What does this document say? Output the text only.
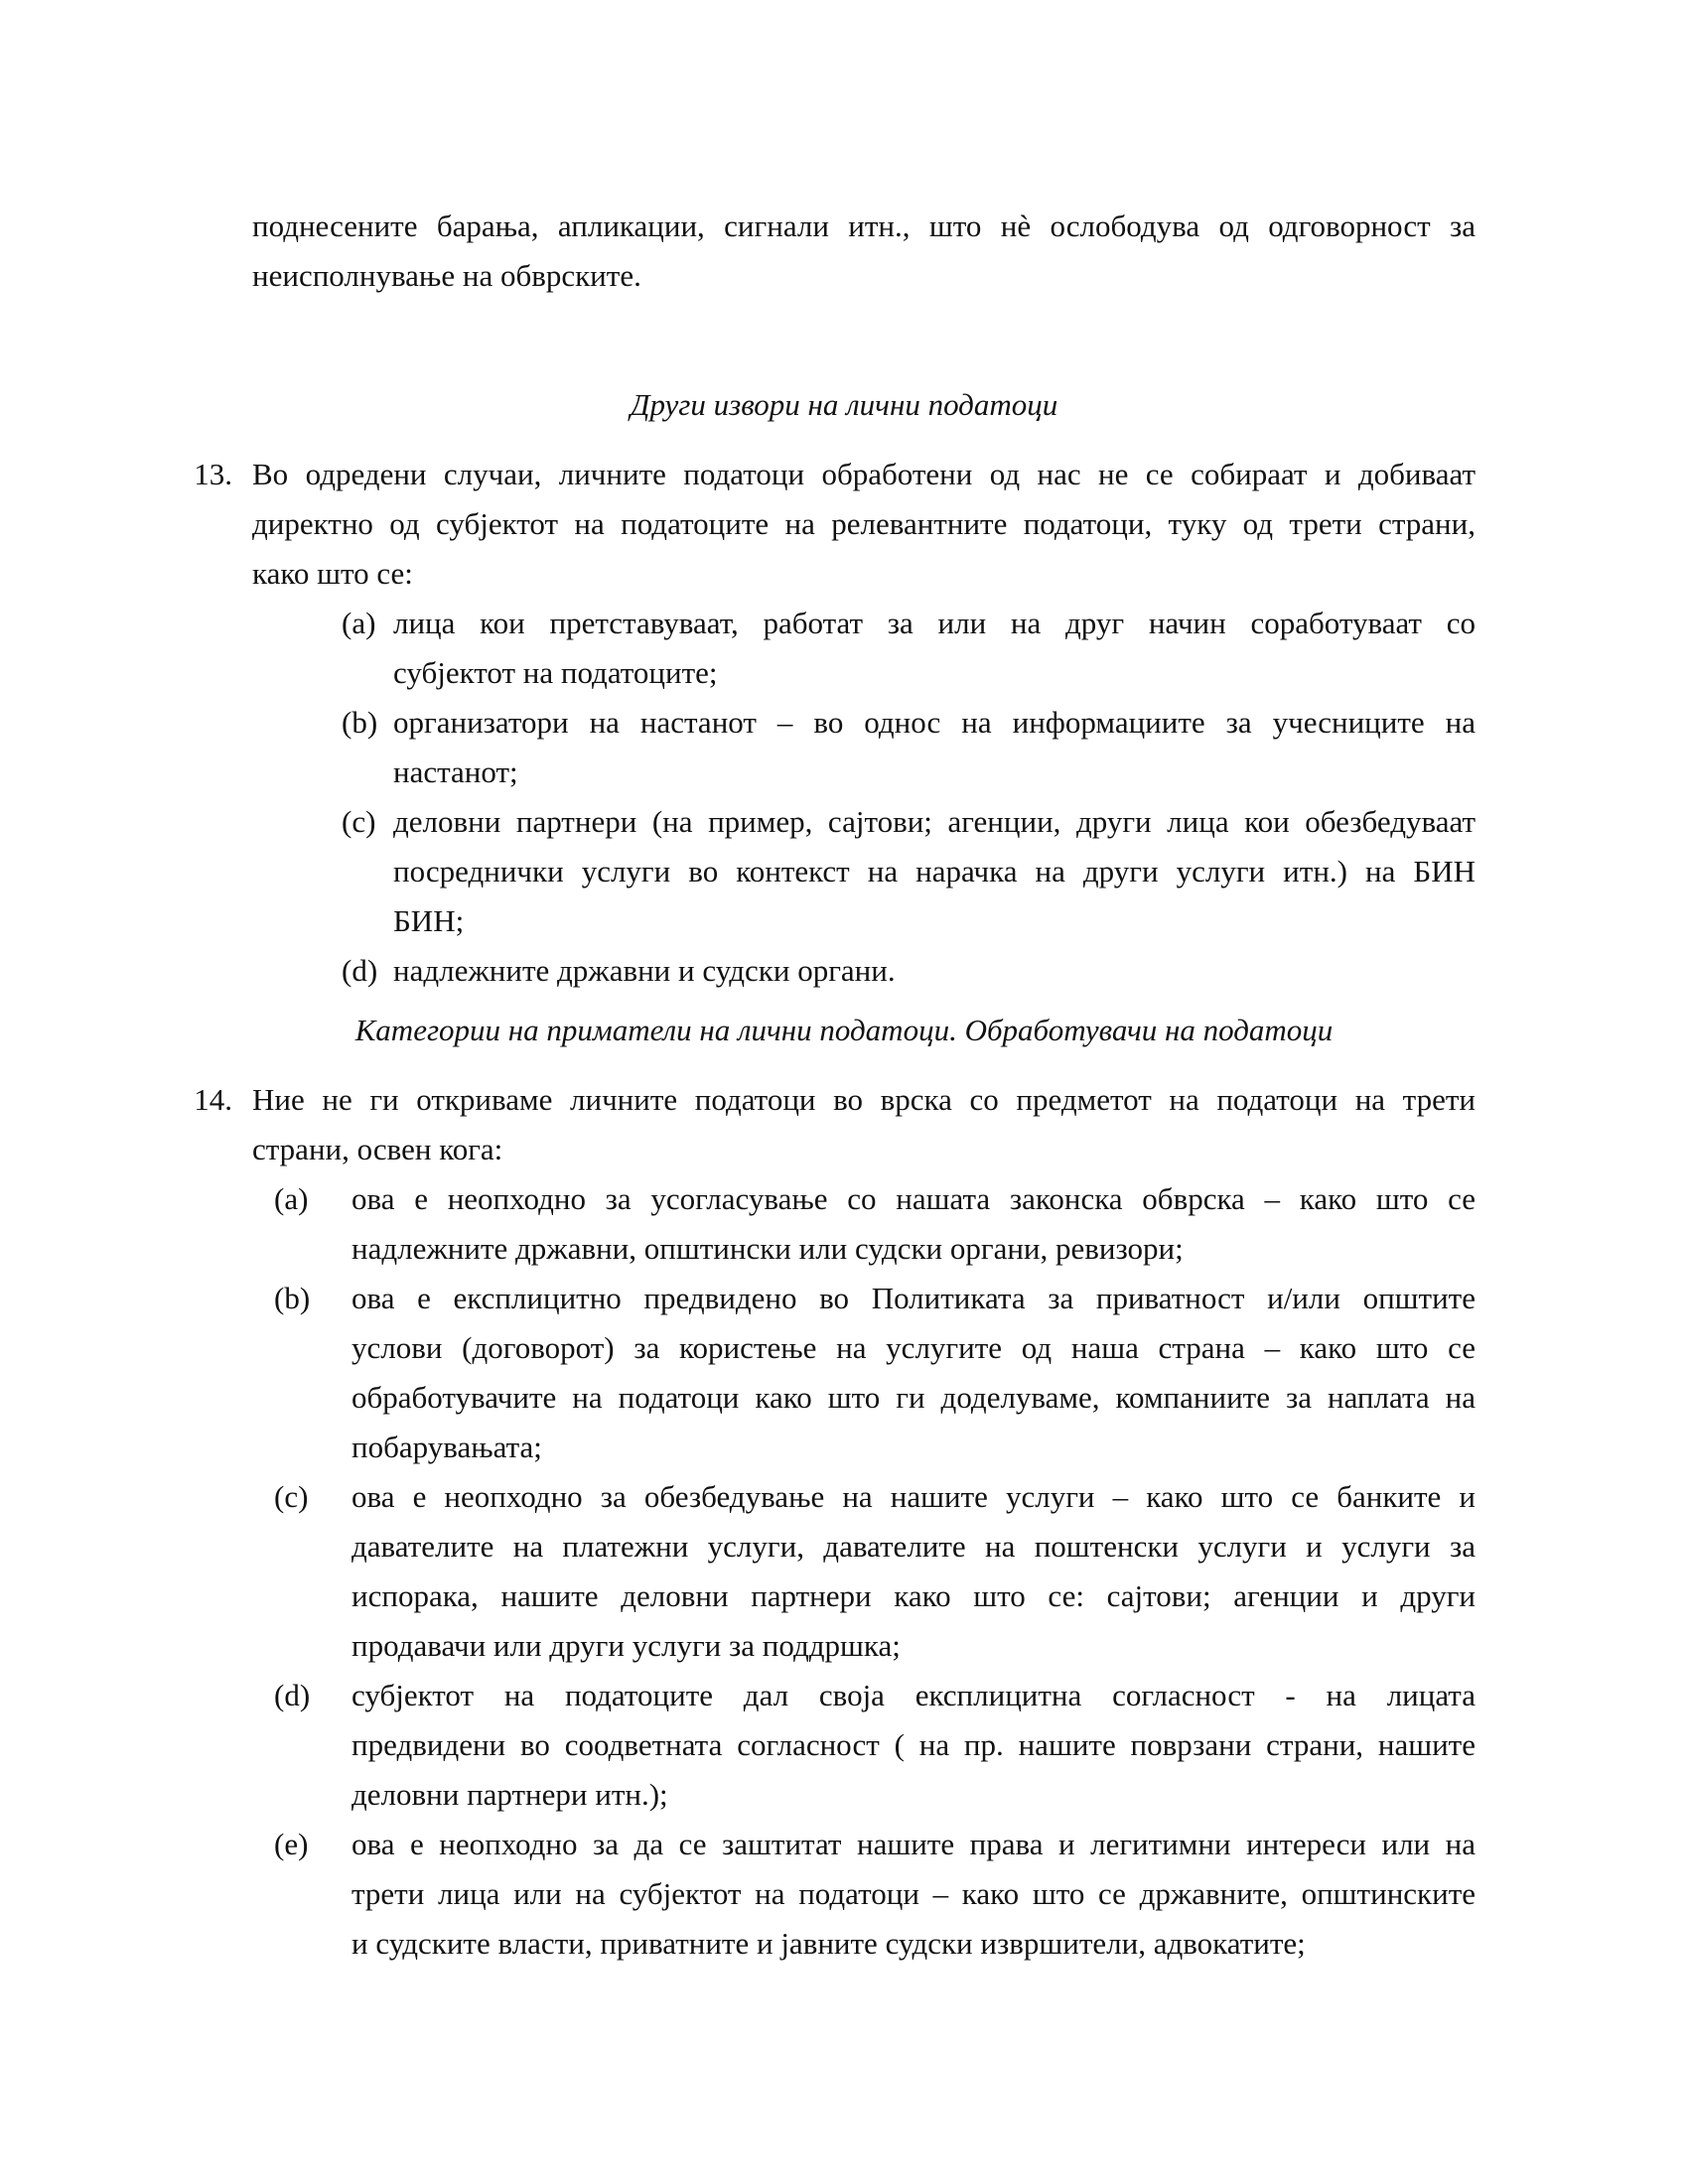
поднесените барања, апликации, сигнали итн., што нѐ ослободува од одговорност за
неисполнување на обврските.
Други извори на лични податоци
13. Во одредени случаи, личните податоци обработени од нас не се собираат и добиваат
директно од субјектот на податоците на релевантните податоци, туку од трети страни,
како што се:
(a) лица кои претставуваат, работат за или на друг начин соработуваат со
субјектот на податоците;
(b) организатори на настанот – во однос на информациите за учесниците на
настанот;
(c) деловни партнери (на пример, сајтови; агенции, други лица кои обезбедуваат
посреднички услуги во контекст на нарачка на други услуги итн.) на БИН
БИН;
(d) надлежните државни и судски органи.
Категории на приматели на лични податоци. Обработувачи на податоци
14. Ние не ги откриваме личните податоци во врска со предметот на податоци на трети
страни, освен кога:
(a) ова е неопходно за усогласување со нашата законска обврска – како што се
надлежните државни, општински или судски органи, ревизори;
(b) ова е експлицитно предвидено во Политиката за приватност и/или општите
услови (договорот) за користење на услугите од наша страна – како што се
обработувачите на податоци како што ги доделуваме, компаниите за наплата на
побарувањата;
(c) ова е неопходно за обезбедување на нашите услуги – како што се банките и
давателите на платежни услуги, давателите на поштенски услуги и услуги за
испорака, нашите деловни партнери како што се: сајтови; агенции и други
продавачи или други услуги за поддршка;
(d) субјектот на податоците дал своја експлицитна согласност - на лицата
предвидени во соодветната согласност ( на пр. нашите поврзани страни, нашите
деловни партнери итн.);
(e) ова е неопходно за да се заштитат нашите права и легитимни интереси или на
трети лица или на субјектот на податоци – како што се државните, општинските
и судските власти, приватните и јавните судски извршители, адвокатите;
